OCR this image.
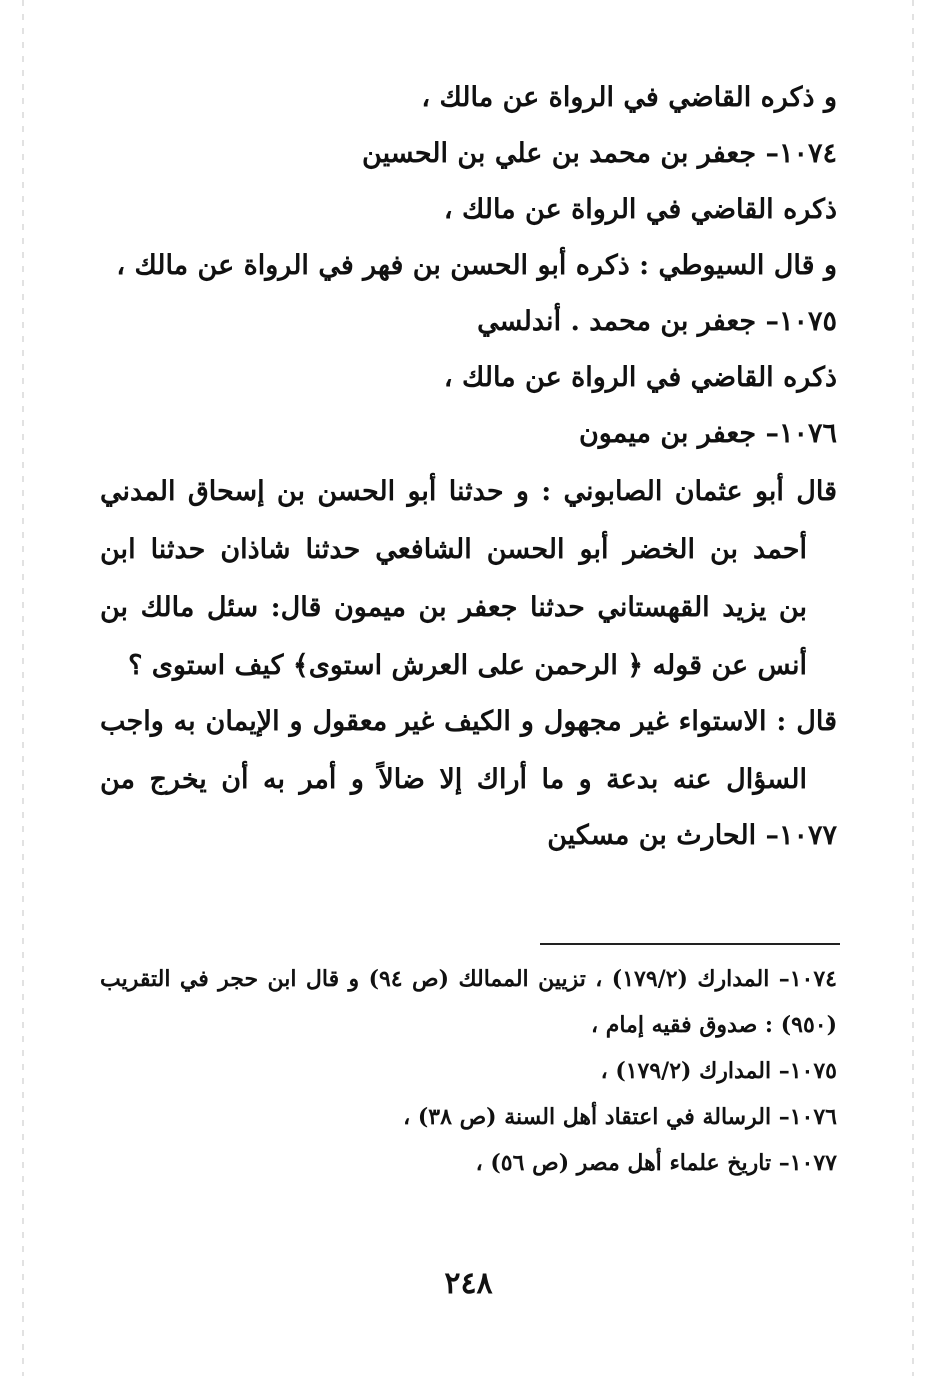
و ذكره القاضي في الرواة عن مالك ،
١٠٧٤– جعفر بن محمد بن علي بن الحسين
ذكره القاضي في الرواة عن مالك ،
و قال السيوطي : ذكره أبو الحسن بن فهر في الرواة عن مالك ،
١٠٧٥– جعفر بن محمد . أندلسي
ذكره القاضي في الرواة عن مالك ،
١٠٧٦– جعفر بن ميمون
قال أبو عثمان الصابوني : و حدثنا أبو الحسن بن إسحاق المدني
أحمد بن الخضر أبو الحسن الشافعي حدثنا شاذان حدثنا ابن
بن يزيد القهستاني حدثنا جعفر بن ميمون قال: سئل مالك بن
أنس عن قوله ﴿ الرحمن على العرش استوى﴾ كيف استوى ؟
قال : الاستواء غير مجهول و الكيف غير معقول و الإيمان به واجب
السؤال عنه بدعة و ما أراك إلا ضالاً و أمر به أن يخرج من
١٠٧٧– الحارث بن مسكين
١٠٧٤– المدارك (١٧٩/٢) ، تزيين الممالك (ص ٩٤) و قال ابن حجر في التقريب
(٩٥٠) : صدوق فقيه إمام ،
١٠٧٥– المدارك (١٧٩/٢) ،
١٠٧٦– الرسالة في اعتقاد أهل السنة (ص ٣٨) ،
١٠٧٧– تاريخ علماء أهل مصر (ص ٥٦) ،
٢٤٨
